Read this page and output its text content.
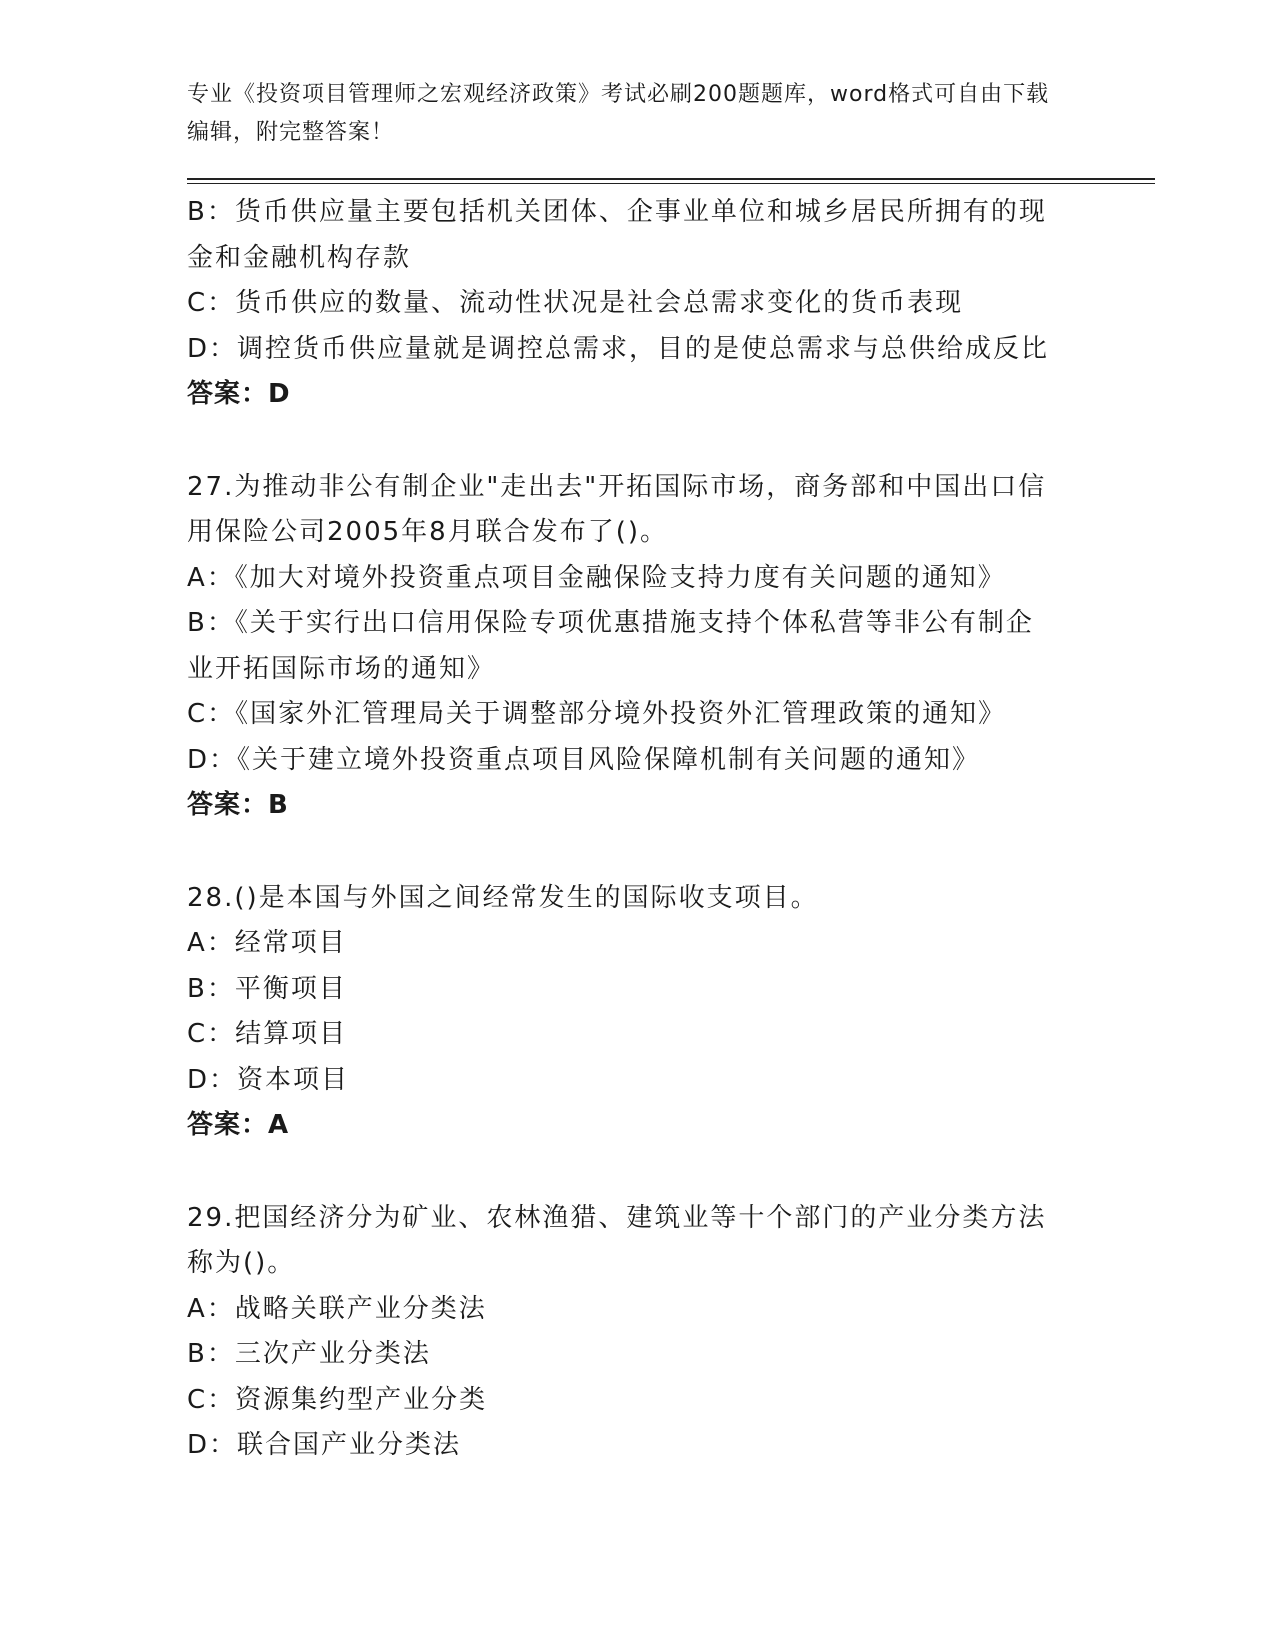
专业《投资项目管理师之宏观经济政策》考试必刷200题题库，word格式可自由下载编辑，附完整答案！
B：货币供应量主要包括机关团体、企事业单位和城乡居民所拥有的现
金和金融机构存款
C：货币供应的数量、流动性状况是社会总需求变化的货币表现
D：调控货币供应量就是调控总需求，目的是使总需求与总供给成反比
答案：D
27.为推动非公有制企业"走出去"开拓国际市场，商务部和中国出口信
用保险公司2005年8月联合发布了()。
A：《加大对境外投资重点项目金融保险支持力度有关问题的通知》
B：《关于实行出口信用保险专项优惠措施支持个体私营等非公有制企
业开拓国际市场的通知》
C：《国家外汇管理局关于调整部分境外投资外汇管理政策的通知》
D：《关于建立境外投资重点项目风险保障机制有关问题的通知》
答案：B
28.()是本国与外国之间经常发生的国际收支项目。
A：经常项目
B：平衡项目
C：结算项目
D：资本项目
答案：A
29.把国经济分为矿业、农林渔猎、建筑业等十个部门的产业分类方法
称为()。
A：战略关联产业分类法
B：三次产业分类法
C：资源集约型产业分类
D：联合国产业分类法
